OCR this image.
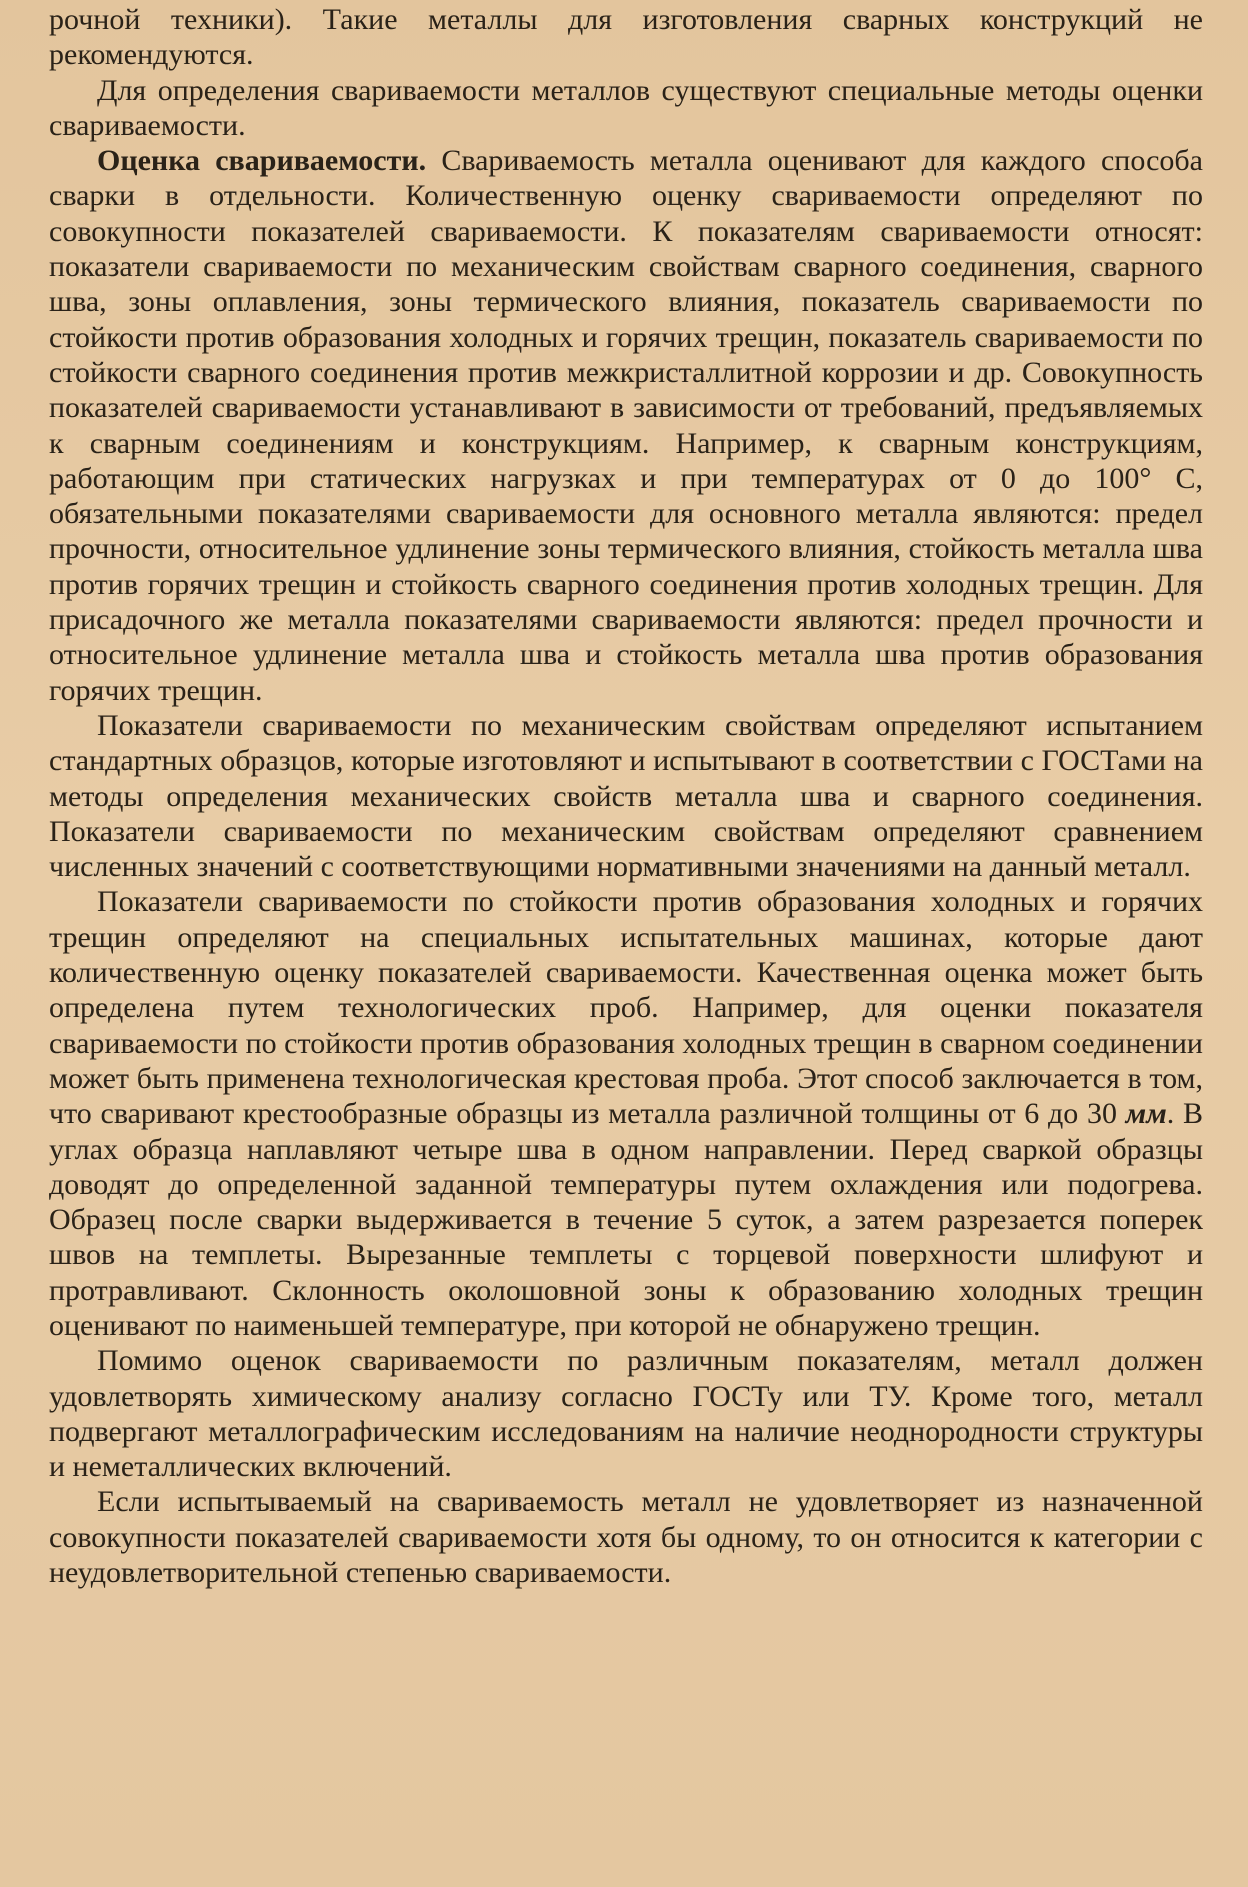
рочной техники). Такие металлы для изготовления сварных конструкций не рекомендуются.

Для определения свариваемости металлов существуют специальные методы оценки свариваемости.

Оценка свариваемости. Свариваемость металла оценивают для каждого способа сварки в отдельности. Количественную оценку свариваемости определяют по совокупности показателей свариваемости. К показателям свариваемости относят: показатели свариваемости по механическим свойствам сварного соединения, сварного шва, зоны оплавления, зоны термического влияния, показатель свариваемости по стойкости против образования холодных и горячих трещин, показатель свариваемости по стойкости сварного соединения против межкристаллитной коррозии и др. Совокупность показателей свариваемости устанавливают в зависимости от требований, предъявляемых к сварным соединениям и конструкциям. Например, к сварным конструкциям, работающим при статических нагрузках и при температурах от 0 до 100° С, обязательными показателями свариваемости для основного металла являются: предел прочности, относительное удлинение зоны термического влияния, стойкость металла шва против горячих трещин и стойкость сварного соединения против холодных трещин. Для присадочного же металла показателями свариваемости являются: предел прочности и относительное удлинение металла шва и стойкость металла шва против образования горячих трещин.

Показатели свариваемости по механическим свойствам определяют испытанием стандартных образцов, которые изготовляют и испытывают в соответствии с ГОСТами на методы определения механических свойств металла шва и сварного соединения. Показатели свариваемости по механическим свойствам определяют сравнением численных значений с соответствующими нормативными значениями на данный металл.

Показатели свариваемости по стойкости против образования холодных и горячих трещин определяют на специальных испытательных машинах, которые дают количественную оценку показателей свариваемости. Качественная оценка может быть определена путем технологических проб. Например, для оценки показателя свариваемости по стойкости против образования холодных трещин в сварном соединении может быть применена технологическая крестовая проба. Этот способ заключается в том, что сваривают крестообразные образцы из металла различной толщины от 6 до 30 мм. В углах образца наплавляют четыре шва в одном направлении. Перед сваркой образцы доводят до определенной заданной температуры путем охлаждения или подогрева. Образец после сварки выдерживается в течение 5 суток, а затем разрезается поперек швов на темплеты. Вырезанные темплеты с торцевой поверхности шлифуют и протравливают. Склонность околошовной зоны к образованию холодных трещин оценивают по наименьшей температуре, при которой не обнаружено трещин.

Помимо оценок свариваемости по различным показателям, металл должен удовлетворять химическому анализу согласно ГОСТу или ТУ. Кроме того, металл подвергают металлографическим исследованиям на наличие неоднородности структуры и неметаллических включений.

Если испытываемый на свариваемость металл не удовлетворяет из назначенной совокупности показателей свариваемости хотя бы одному, то он относится к категории с неудовлетворительной степенью свариваемости.
